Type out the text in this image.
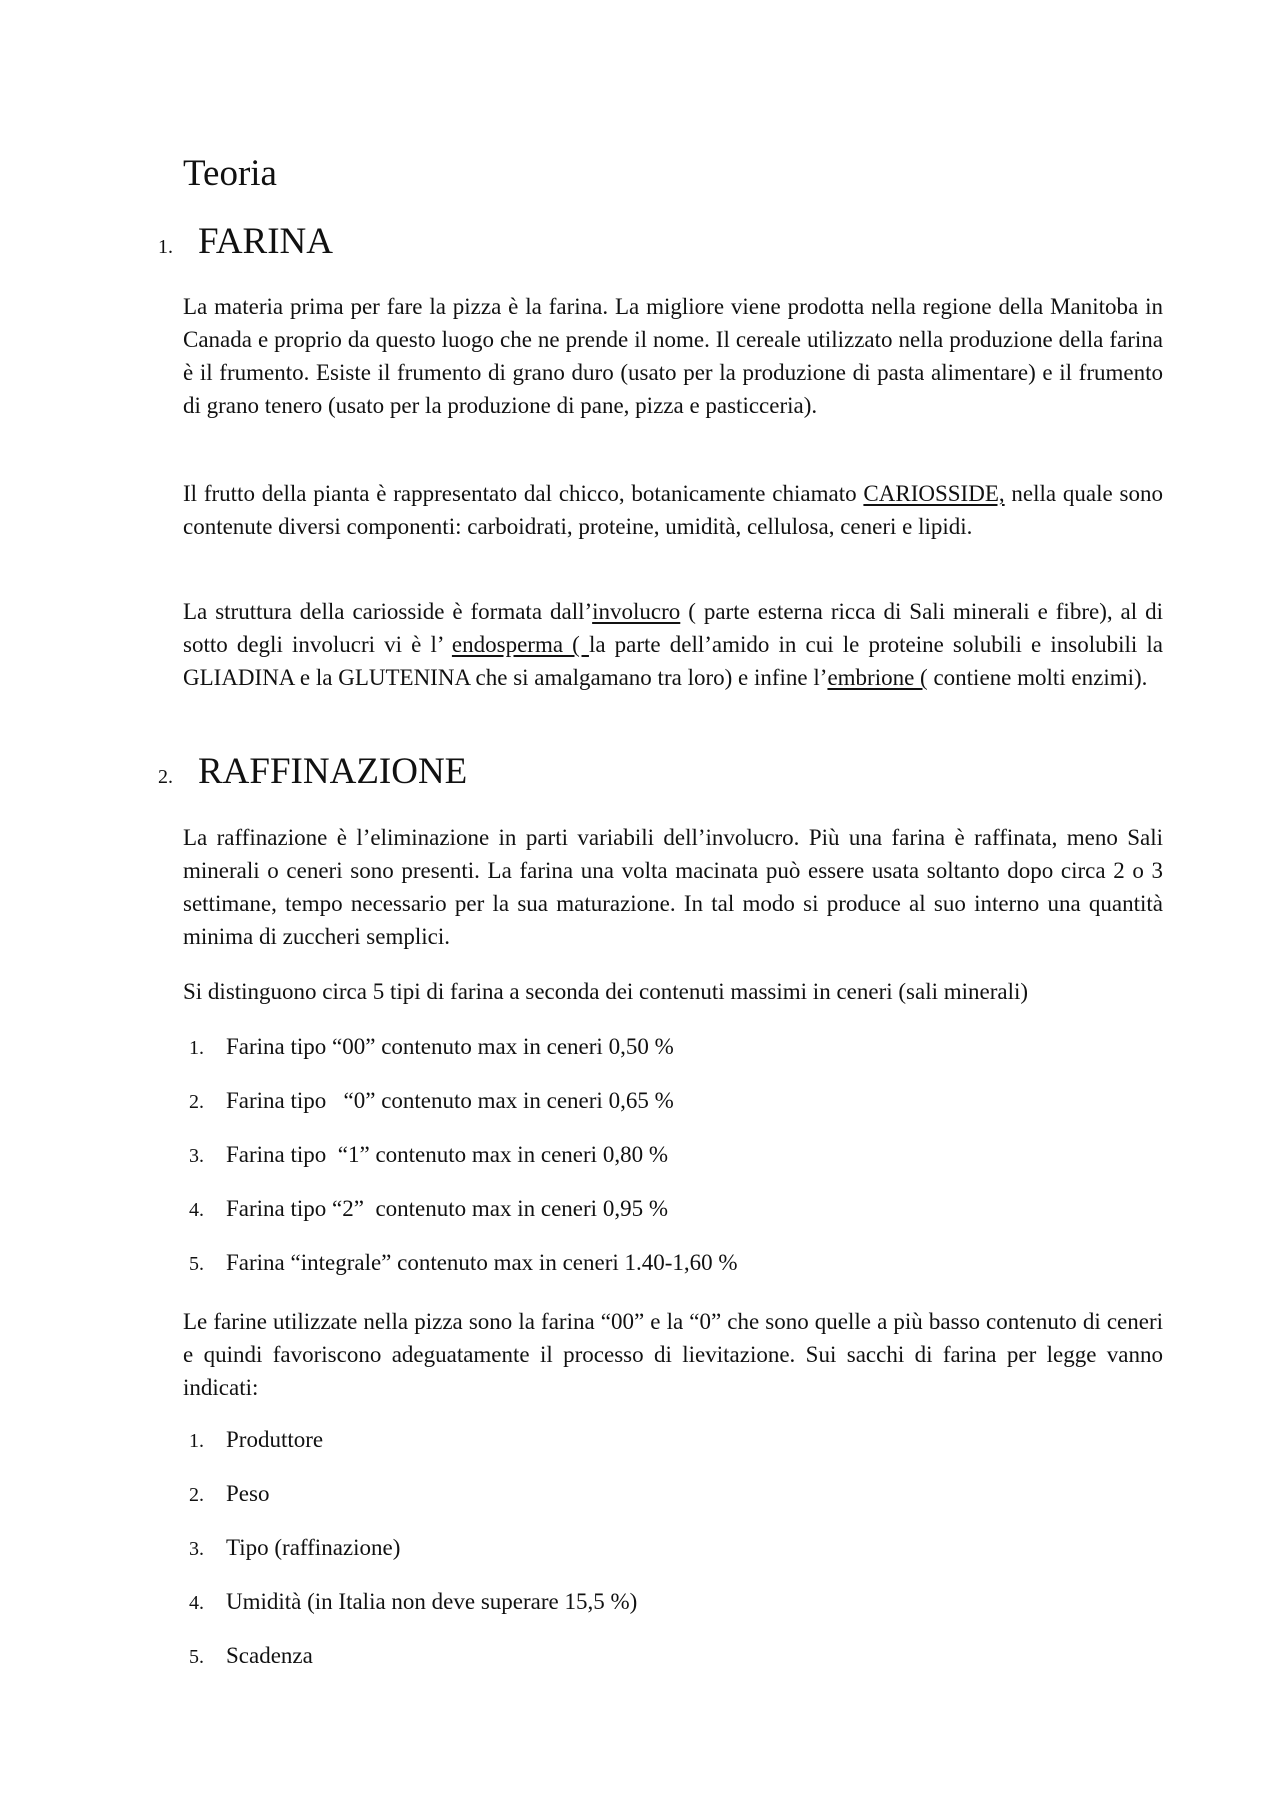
Teoria
1. FARINA

La materia prima per fare la pizza è la farina. La migliore viene prodotta nella regione della Manitoba in Canada e proprio da questo luogo che ne prende il nome. Il cereale utilizzato nella produzione della farina è il frumento. Esiste il frumento di grano duro (usato per la produzione di pasta alimentare) e il frumento di grano tenero (usato per la produzione di pane, pizza e pasticceria).

Il frutto della pianta è rappresentato dal chicco, botanicamente chiamato CARIOSSIDE, nella quale sono contenute diversi componenti: carboidrati, proteine, umidità, cellulosa, ceneri e lipidi.

La struttura della cariosside è formata dall’involucro ( parte esterna ricca di Sali minerali e fibre), al di sotto degli involucri vi è l’ endosperma ( la parte dell’amido in cui le proteine solubili e insolubili la GLIADINA e la GLUTENINA che si amalgamano tra loro) e infine l’embrione ( contiene molti enzimi).

2. RAFFINAZIONE

La raffinazione è l’eliminazione in parti variabili dell’involucro. Più una farina è raffinata, meno Sali minerali o ceneri sono presenti. La farina una volta macinata può essere usata soltanto dopo circa 2 o 3 settimane, tempo necessario per la sua maturazione. In tal modo si produce al suo interno una quantità minima di zuccheri semplici.

Si distinguono circa 5 tipi di farina a seconda dei contenuti massimi in ceneri (sali minerali)

1. Farina tipo “00” contenuto max in ceneri 0,50 %
2. Farina tipo   “0” contenuto max in ceneri 0,65 %
3. Farina tipo  “1” contenuto max in ceneri 0,80 %
4. Farina tipo “2”  contenuto max in ceneri 0,95 %
5. Farina “integrale” contenuto max in ceneri 1.40-1,60 %

Le farine utilizzate nella pizza sono la farina “00” e la “0” che sono quelle a più basso contenuto di ceneri e quindi favoriscono adeguatamente il processo di lievitazione. Sui sacchi di farina per legge vanno indicati:

1. Produttore
2. Peso
3. Tipo (raffinazione)
4. Umidità (in Italia non deve superare 15,5 %)
5. Scadenza
